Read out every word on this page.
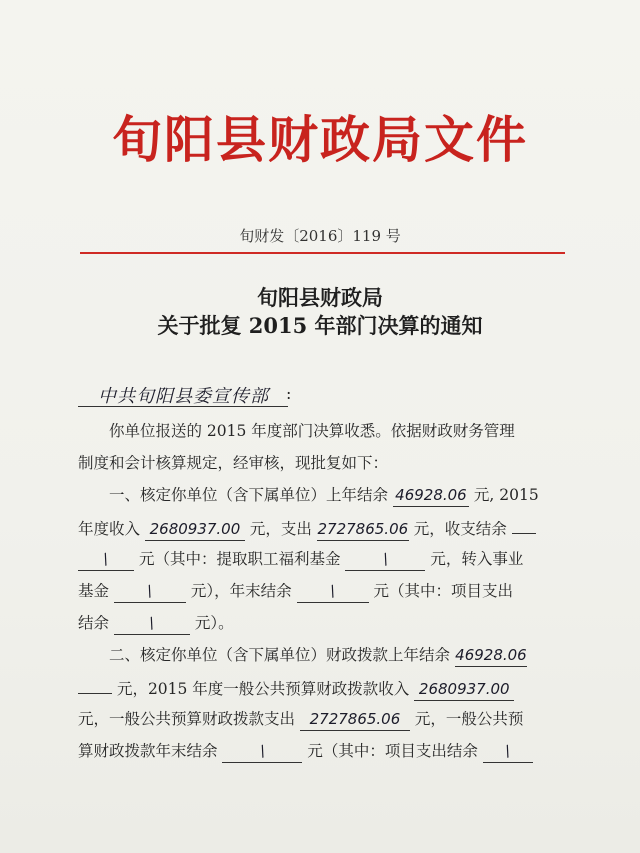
旬阳县财政局文件
旬财发〔2016〕119 号
旬阳县财政局
关于批复 2015 年部门决算的通知
中共旬阳县委宣传部 :
你单位报送的 2015 年度部门决算收悉。依据财政财务管理
制度和会计核算规定，经审核，现批复如下：
一、核定你单位（含下属单位）上年结余 46928.06 元, 2015
年度收入 2680937.00 元，支出 2727865.06 元，收支结余
/ 元（其中：提取职工福利基金	/	元，转入事业
基金 / 元），年末结余 / 元（其中：项目支出
结余 / 元）。
二、核定你单位（含下属单位）财政拨款上年结余 46928.06
元，2015 年度一般公共预算财政拨款收入 2680937.00
元，一般公共预算财政拨款支出 2727865.06 元，一般公共预
算财政拨款年末结余	/	元（其中：项目支出结余 /
